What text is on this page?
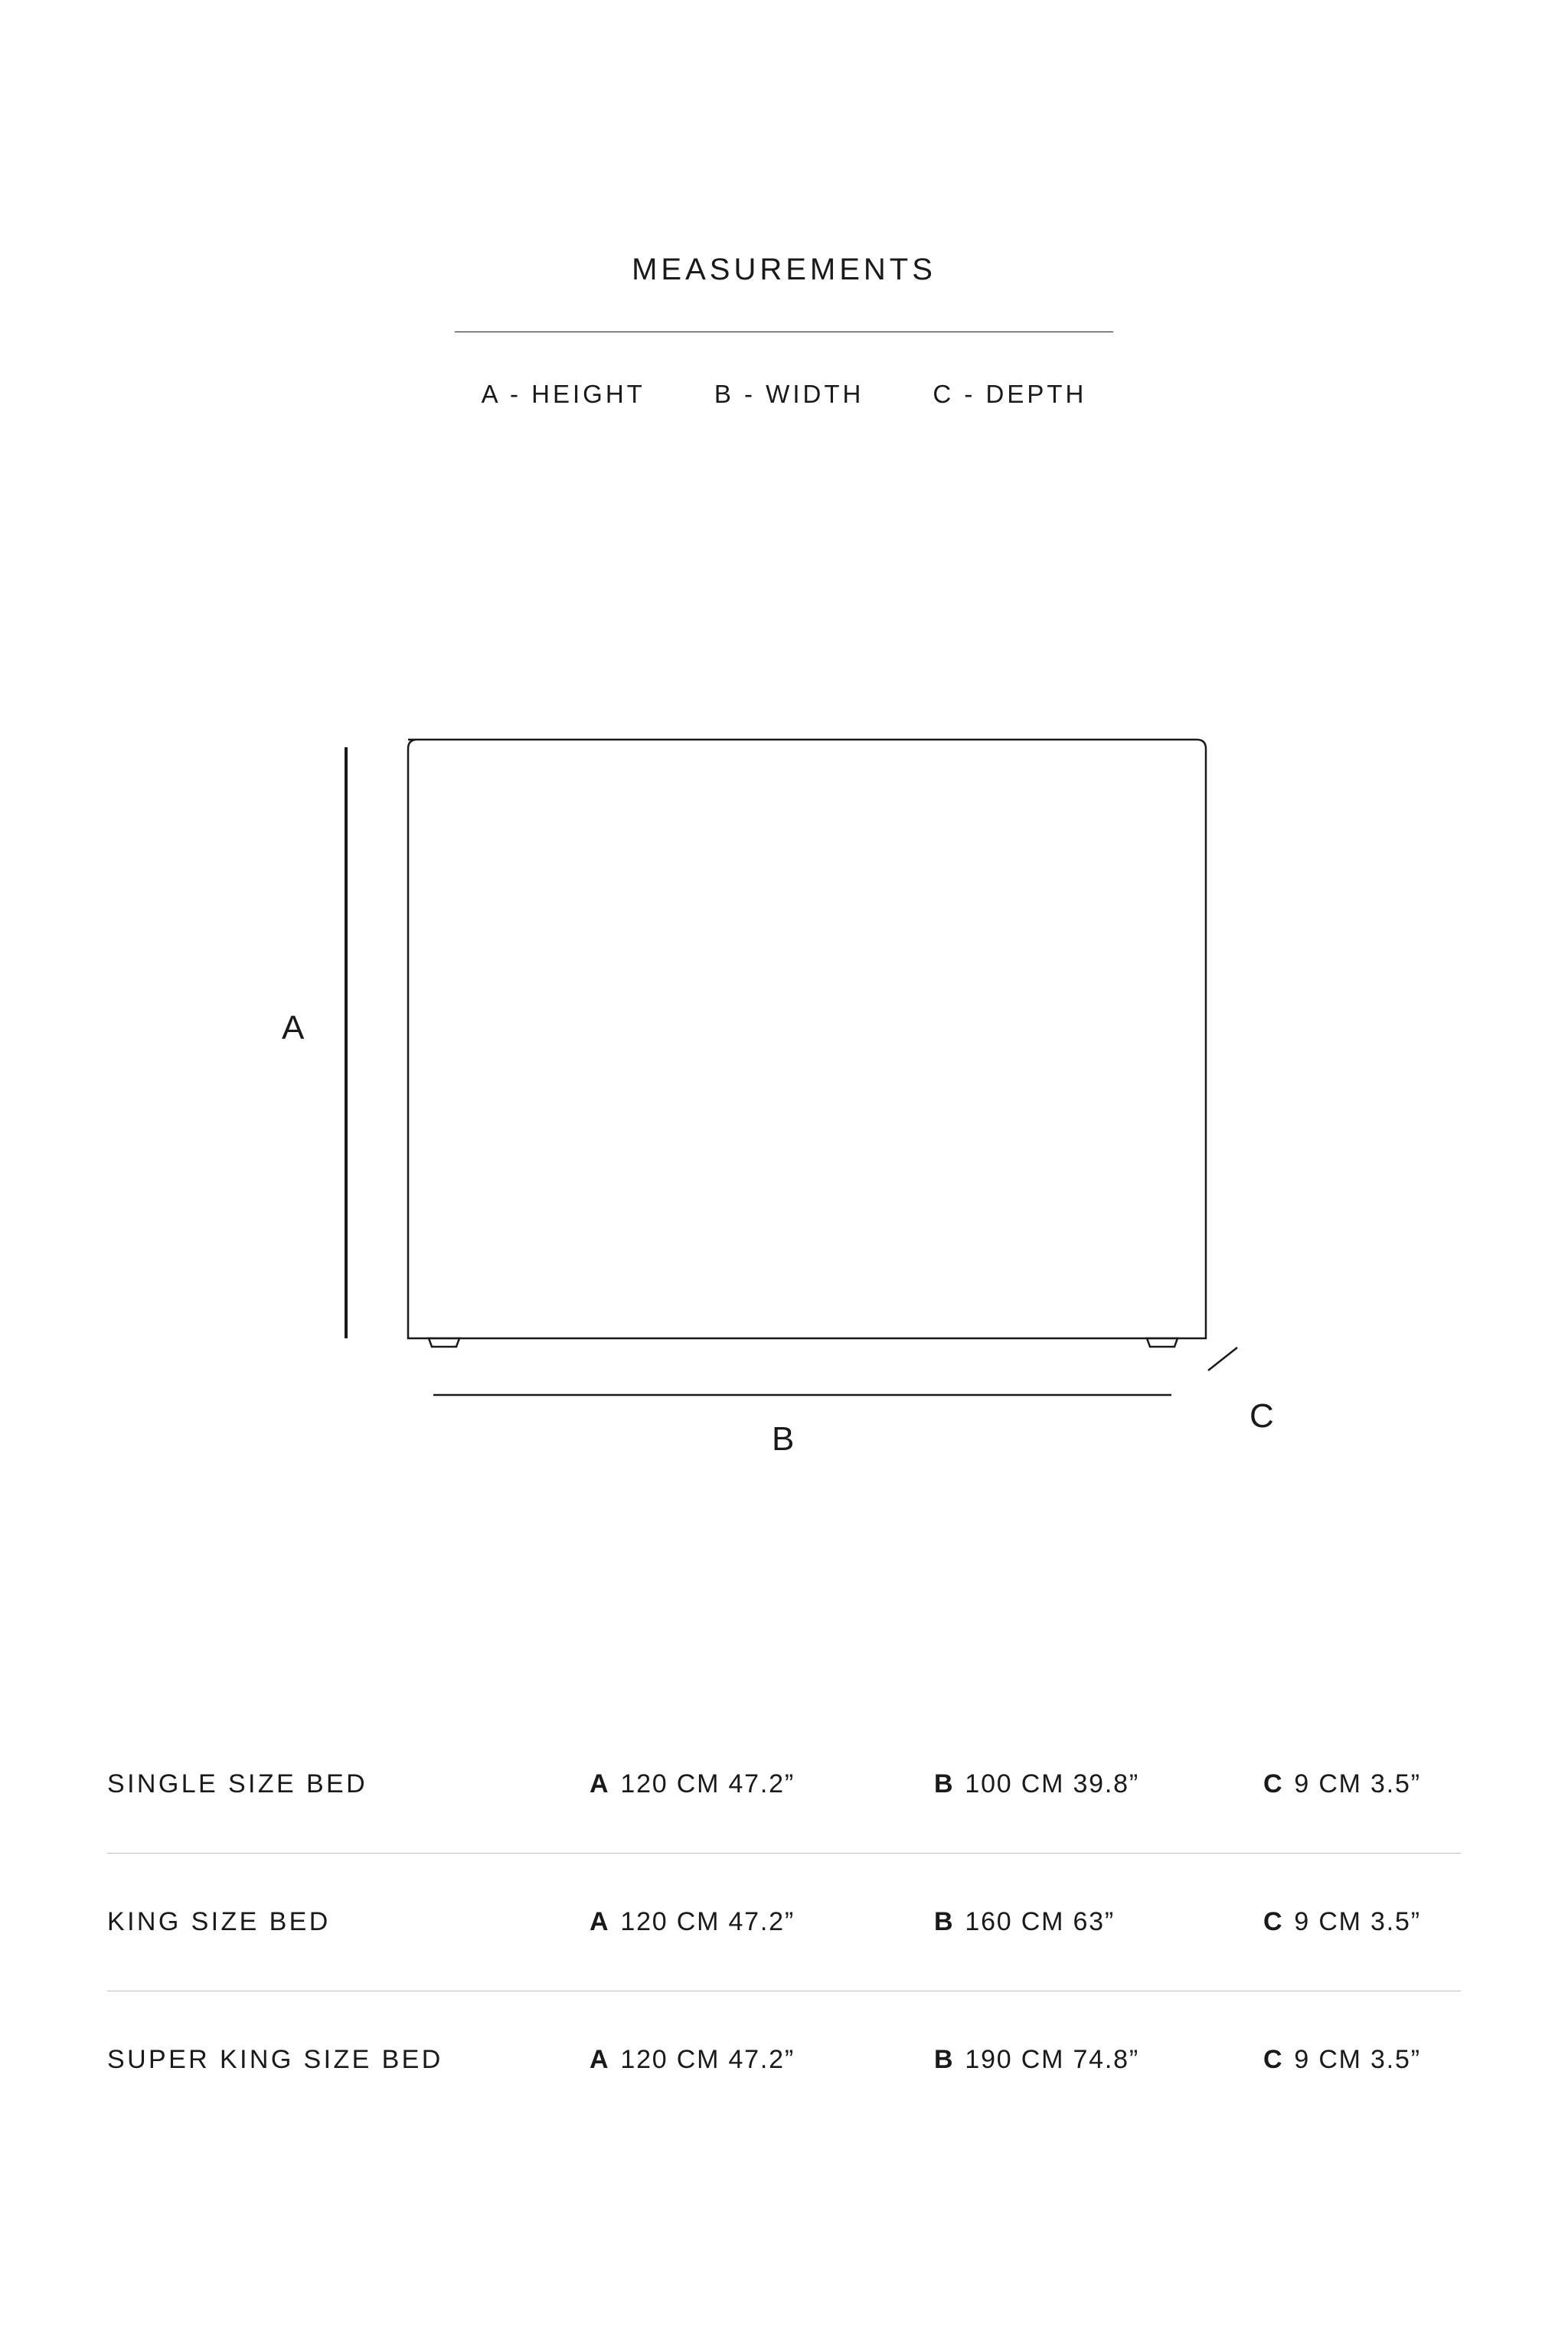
MEASUREMENTS
A - HEIGHT	B - WIDTH	C - DEPTH
A
B
C
SINGLE SIZE BED	A 120 CM 47.2”	B 100 CM 39.8”	C 9 CM 3.5”
KING SIZE BED	A 120 CM 47.2”	B 160 CM 63”	C 9 CM 3.5”
SUPER KING SIZE BED	A 120 CM 47.2”	B 190 CM 74.8”	C 9 CM 3.5”
